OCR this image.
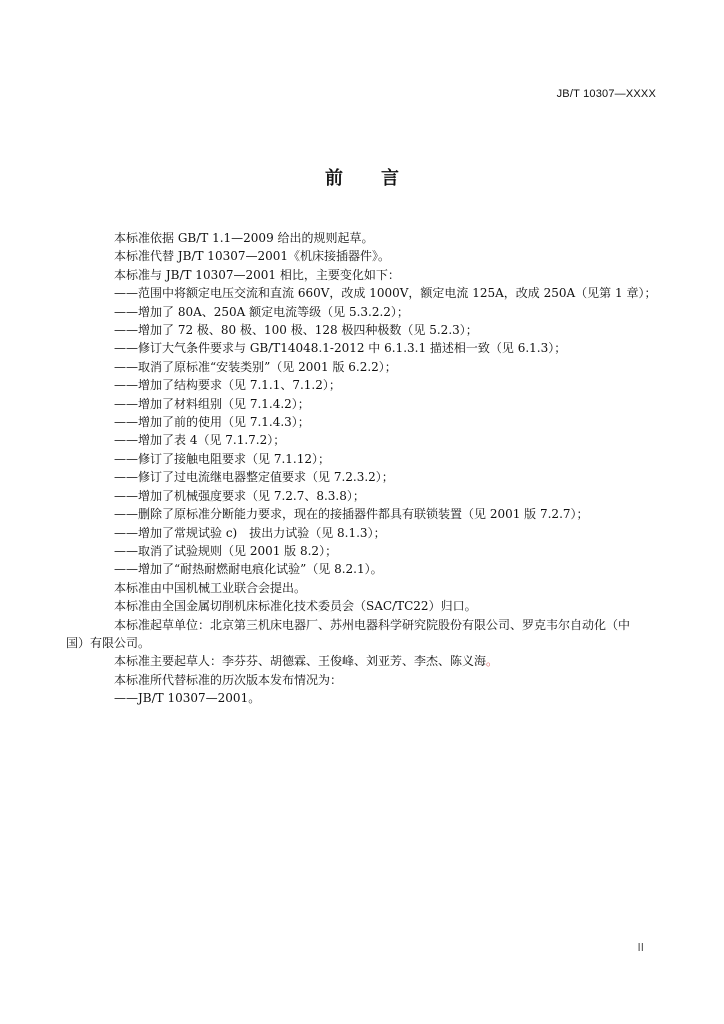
JB/T 10307—XXXX
前言

本标准依据 GB/T 1.1—2009 给出的规则起草。

本标准代替 JB/T 10307—2001《机床接插器件》。

本标准与 JB/T 10307—2001 相比，主要变化如下：

——范围中将额定电压交流和直流 660V，改成 1000V，额定电流 125A，改成 250A（见第 1 章）；

——增加了 80A、250A 额定电流等级（见 5.3.2.2）；

——增加了 72 极、80 极、100 极、128 极四种极数（见 5.2.3）；

——修订大气条件要求与 GB/T14048.1-2012 中 6.1.3.1 描述相一致（见 6.1.3）；

——取消了原标准“安装类别”（见 2001 版 6.2.2）；

——增加了结构要求（见 7.1.1、7.1.2）；

——增加了材料组别（见 7.1.4.2）；

——增加了前的使用（见 7.1.4.3）；

——增加了表 4（见 7.1.7.2）；

——修订了接触电阻要求（见 7.1.12）；

——修订了过电流继电器整定值要求（见 7.2.3.2）；

——增加了机械强度要求（见 7.2.7、8.3.8）；

——删除了原标准分断能力要求，现在的接插器件都具有联锁装置（见 2001 版 7.2.7）；

——增加了常规试验 c)　拔出力试验（见 8.1.3）；

——取消了试验规则（见 2001 版 8.2）；

——增加了“耐热耐燃耐电痕化试验”（见 8.2.1）。

本标准由中国机械工业联合会提出。

本标准由全国金属切削机床标准化技术委员会（SAC/TC22）归口。

本标准起草单位：北京第三机床电器厂、苏州电器科学研究院股份有限公司、罗克韦尔自动化（中
国）有限公司。

本标准主要起草人：李芬芬、胡德霖、王俊峰、刘亚芳、李杰、陈义海。

本标准所代替标准的历次版本发布情况为：

——JB/T 10307—2001。

II
